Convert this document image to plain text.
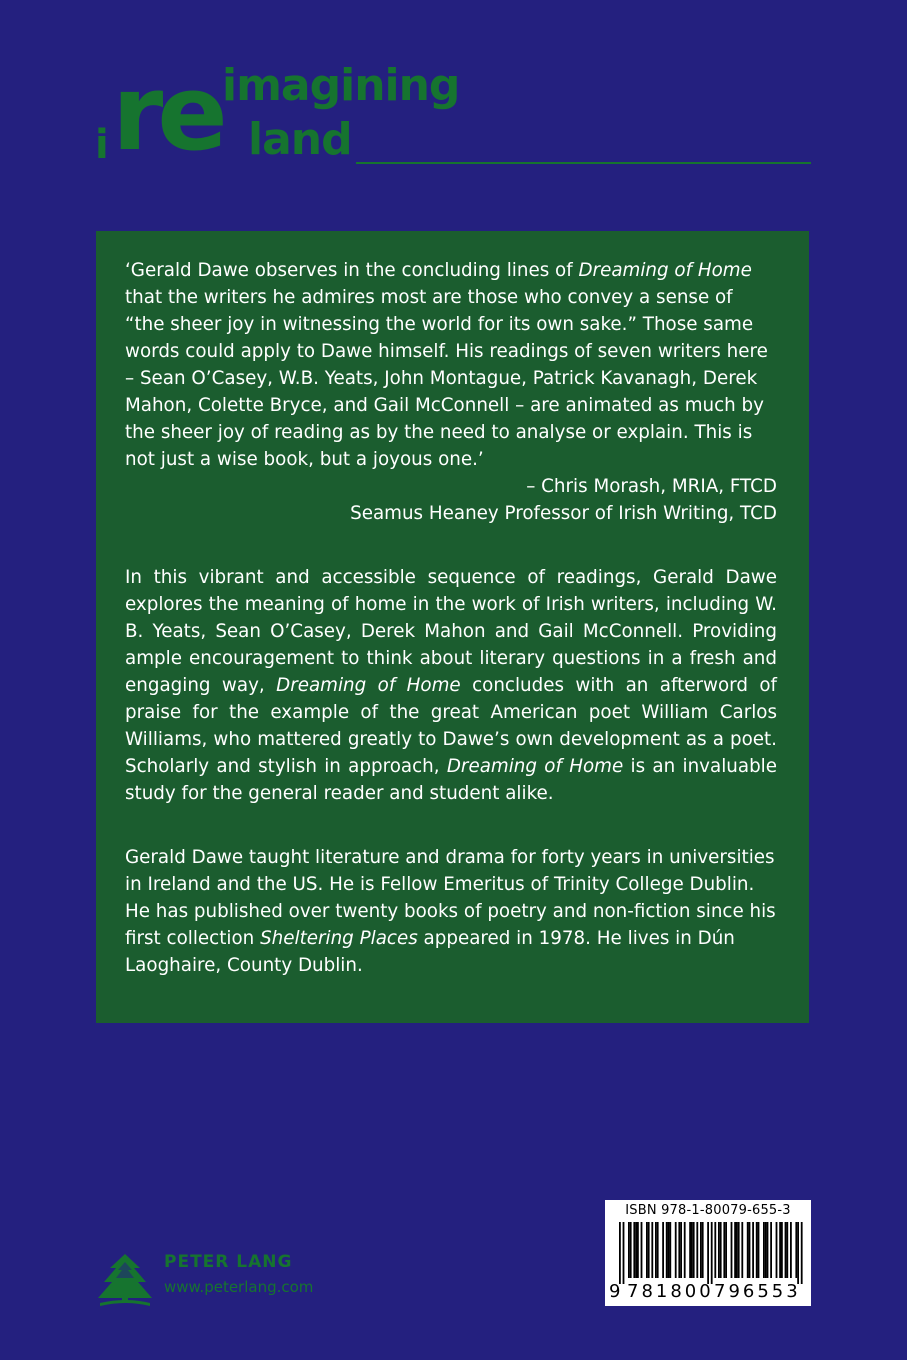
i re imagining
land

‘Gerald Dawe observes in the concluding lines of Dreaming of Home that the writers he admires most are those who convey a sense of “the sheer joy in witnessing the world for its own sake.” Those same words could apply to Dawe himself. His readings of seven writers here – Sean O’Casey, W.B. Yeats, John Montague, Patrick Kavanagh, Derek Mahon, Colette Bryce, and Gail McConnell – are animated as much by the sheer joy of reading as by the need to analyse or explain. This is not just a wise book, but a joyous one.’

– Chris Morash, MRIA, FTCD

Seamus Heaney Professor of Irish Writing, TCD

In this vibrant and accessible sequence of readings, Gerald Dawe explores the meaning of home in the work of Irish writers, including W. B. Yeats, Sean O’Casey, Derek Mahon and Gail McConnell. Providing ample encouragement to think about literary questions in a fresh and engaging way, Dreaming of Home concludes with an afterword of praise for the example of the great American poet William Carlos Williams, who mattered greatly to Dawe’s own development as a poet. Scholarly and stylish in approach, Dreaming of Home is an invaluable study for the general reader and student alike.

Gerald Dawe taught literature and drama for forty years in universities in Ireland and the US. He is Fellow Emeritus of Trinity College Dublin. He has published over twenty books of poetry and non-fiction since his first collection Sheltering Places appeared in 1978. He lives in Dún Laoghaire, County Dublin.

PETER LANG
www.peterlang.com
ISBN 978-1-80079-655-3
9 781800 796553
